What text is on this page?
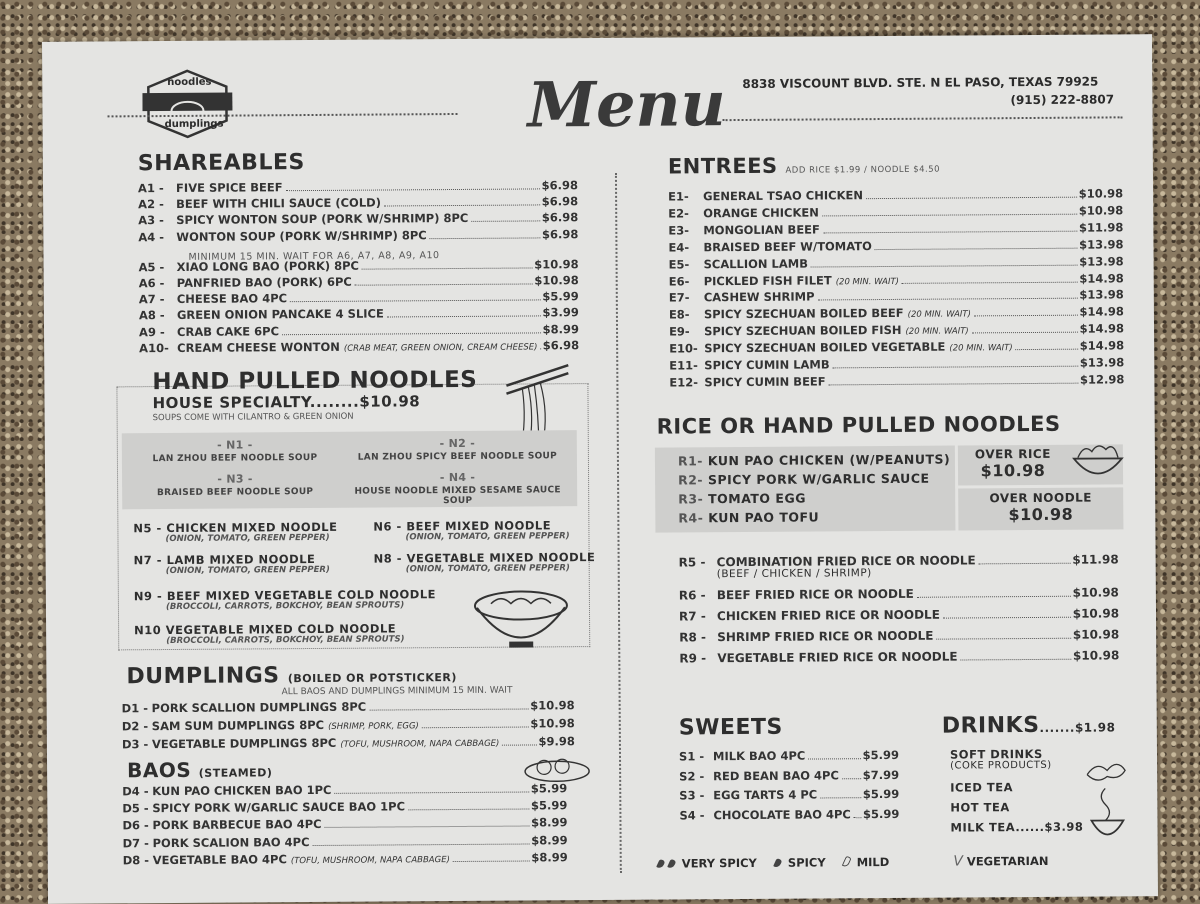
noodles
dumplings	Menu 8838 VISCOUNT BLVD. STE. N EL PASO, TEXAS 79925
(915) 222-8807
SHAREABLES
A1 -	FIVE SPICE BEEF	$6.98
A2 -	BEEF WITH CHILI SAUCE (COLD)	$6.98
A3 -	SPICY WONTON SOUP (PORK W/SHRIMP) 8PC	$6.98
A4 -	WONTON SOUP (PORK W/SHRIMP) 8PC	$6.98
A5 -	XIAO LONG BAO (PORK) 8PC	$10.98
A6 -	PANFRIED BAO (PORK) 6PC	$10.98
A7 -	CHEESE BAO 4PC	$5.99
A8 -	GREEN ONION PANCAKE 4 SLICE	$3.99
A9 -	CRAB CAKE 6PC	$8.99
A10- CREAM CHEESE WONTON (CRAB MEAT, GREEN ONION, CREAM CHEESE) $6.98
MINIMUM 15 MIN. WAIT FOR A6, A7, A8, A9, A10
HAND PULLED NOODLES
HOUSE SPECIALTY........$10.98
SOUPS COME WITH CILANTRO & GREEN ONION
- N1 -
LAN ZHOU BEEF NOODLE SOUP
- N2 -
LAN ZHOU SPICY BEEF NOODLE SOUP
- N3 -
BRAISED BEEF NOODLE SOUP
- N4 -
HOUSE NOODLE MIXED SESAME SAUCE SOUP
N5 - CHICKEN MIXED NOODLE
(ONION, TOMATO, GREEN PEPPER)
N6 - BEEF MIXED NOODLE
(ONION, TOMATO, GREEN PEPPER)
N7 - LAMB MIXED NOODLE
(ONION, TOMATO, GREEN PEPPER)
N8 - VEGETABLE MIXED NOODLE
(ONION, TOMATO, GREEN PEPPER)
N9 - BEEF MIXED VEGETABLE COLD NOODLE
(BROCCOLI, CARROTS, BOKCHOY, BEAN SPROUTS)
N10 VEGETABLE MIXED COLD NOODLE
(BROCCOLI, CARROTS, BOKCHOY, BEAN SPROUTS)
DUMPLINGS (BOILED OR POTSTICKER)
ALL BAOS AND DUMPLINGS MINIMUM 15 MIN. WAIT
D1 - PORK SCALLION DUMPLINGS 8PC	$10.98
D2 - SAM SUM DUMPLINGS 8PC (SHRIMP, PORK, EGG)	$10.98
D3 - VEGETABLE DUMPLINGS 8PC (TOFU, MUSHROOM, NAPA CABBAGE)	$9.98
BAOS (STEAMED)
D4 - KUN PAO CHICKEN BAO 1PC	$5.99
D5 - SPICY PORK W/GARLIC SAUCE BAO 1PC	$5.99
D6 - PORK BARBECUE BAO 4PC	$8.99
D7 - PORK SCALION BAO 4PC	$8.99
D8 - VEGETABLE BAO 4PC (TOFU, MUSHROOM, NAPA CABBAGE)	$8.99
ENTREES ADD RICE $1.99 / NOODLE $4.50
E1-	GENERAL TSAO CHICKEN	$10.98
E2-	ORANGE CHICKEN	$10.98
E3-	MONGOLIAN BEEF	$11.98
E4-	BRAISED BEEF W/TOMATO	$13.98
E5-	SCALLION LAMB	$13.98
E6-	PICKLED FISH FILET (20 MIN. WAIT)	$14.98
E7-	CASHEW SHRIMP	$13.98
E8-	SPICY SZECHUAN BOILED BEEF (20 MIN. WAIT)	$14.98
E9-	SPICY SZECHUAN BOILED FISH (20 MIN. WAIT)	$14.98
E10- SPICY SZECHUAN BOILED VEGETABLE (20 MIN. WAIT)	$14.98
E11- SPICY CUMIN LAMB	$13.98
E12- SPICY CUMIN BEEF	$12.98
RICE OR HAND PULLED NOODLES
R1- KUN PAO CHICKEN (W/PEANUTS)
R2- SPICY PORK W/GARLIC SAUCE
R3- TOMATO EGG
R4- KUN PAO TOFU
OVER RICE
$10.98
OVER NOODLE
$10.98
R5 - COMBINATION FRIED RICE OR NOODLE	$11.98
(BEEF / CHICKEN / SHRIMP)
R6 - BEEF FRIED RICE OR NOODLE	$10.98
R7 - CHICKEN FRIED RICE OR NOODLE	$10.98
R8 - SHRIMP FRIED RICE OR NOODLE	$10.98
R9 - VEGETABLE FRIED RICE OR NOODLE	$10.98
SWEETS
S1 - MILK BAO 4PC	$5.99
S2 - RED BEAN BAO 4PC $7.99
S3 - EGG TARTS 4 PC	$5.99
S4 - CHOCOLATE BAO 4PC $5.99
DRINKS.......$1.98
SOFT DRINKS
(COKE PRODUCTS)
ICED TEA
HOT TEA
MILK TEA......$3.98
VERY SPICY	SPICY	MILD	V VEGETARIAN
